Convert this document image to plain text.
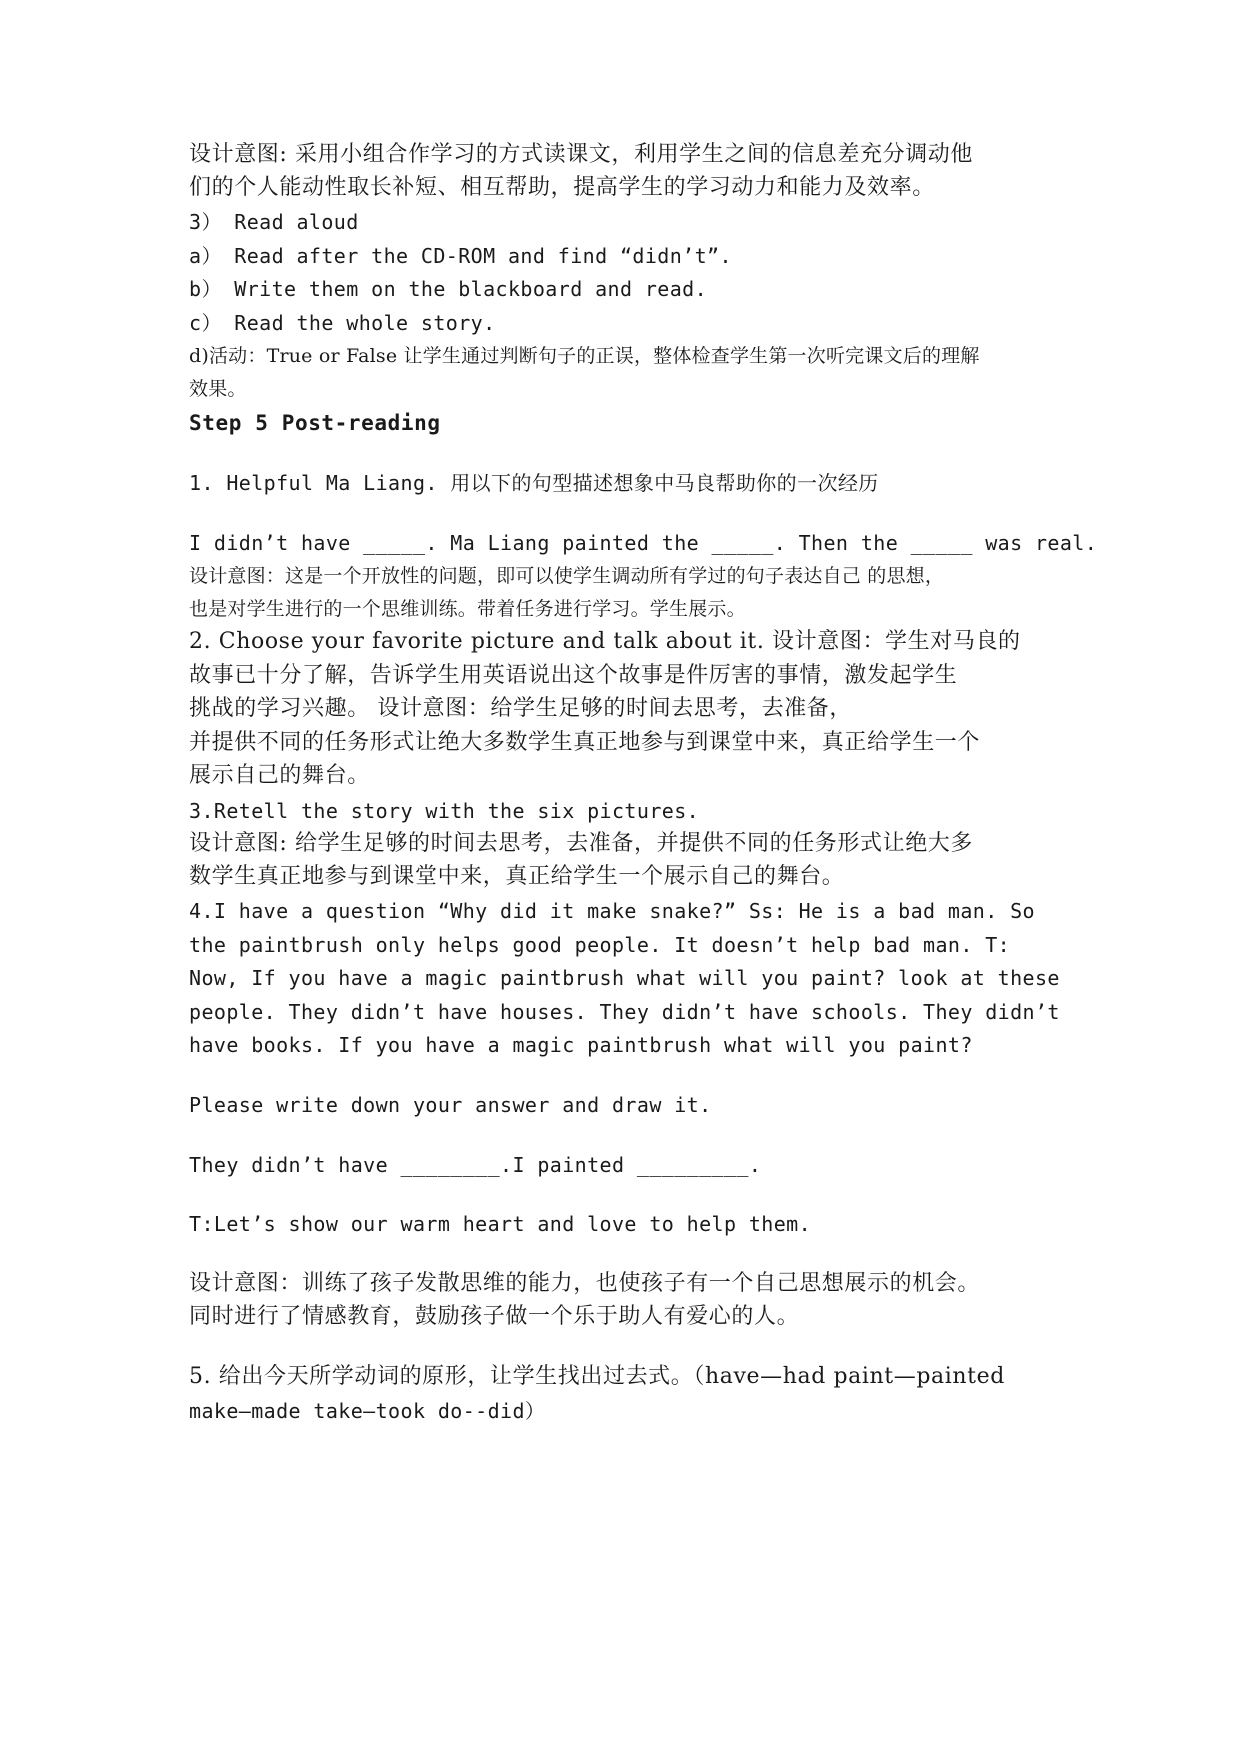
设计意图: 采用小组合作学习的方式读课文，利用学生之间的信息差充分调动他
们的个人能动性取长补短、相互帮助，提高学生的学习动力和能力及效率。
3） Read aloud
a） Read after the CD-ROM and find “didn’t”.
b） Write them on the blackboard and read.
c） Read the whole story.
d)活动：True or False 让学生通过判断句子的正误，整体检查学生第一次听完课文后的理解
效果。
Step 5 Post-reading
1. Helpful Ma Liang. 用以下的句型描述想象中马良帮助你的一次经历
I didn’t have _____. Ma Liang painted the _____. Then the _____ was real.
设计意图：这是一个开放性的问题，即可以使学生调动所有学过的句子表达自己 的思想，
也是对学生进行的一个思维训练。带着任务进行学习。学生展示。
2. Choose your favorite picture and talk about it. 设计意图：学生对马良的
故事已十分了解，告诉学生用英语说出这个故事是件厉害的事情，激发起学生
挑战的学习兴趣。 设计意图：给学生足够的时间去思考，去准备，
并提供不同的任务形式让绝大多数学生真正地参与到课堂中来，真正给学生一个
展示自己的舞台。
3.Retell the story with the six pictures.
设计意图: 给学生足够的时间去思考，去准备，并提供不同的任务形式让绝大多
数学生真正地参与到课堂中来，真正给学生一个展示自己的舞台。
4.I have a question “Why did it make snake?” Ss: He is a bad man. So
the paintbrush only helps good people. It doesn’t help bad man. T:
Now, If you have a magic paintbrush what will you paint? look at these
people. They didn’t have houses. They didn’t have schools. They didn’t
have books. If you have a magic paintbrush what will you paint?
Please write down your answer and draw it.
They didn’t have ________.I painted _________.
T:Let’s show our warm heart and love to help them.
设计意图：训练了孩子发散思维的能力，也使孩子有一个自己思想展示的机会。
同时进行了情感教育，鼓励孩子做一个乐于助人有爱心的人。
5. 给出今天所学动词的原形，让学生找出过去式。（have—had paint—painted
make—made take—took do--did）
